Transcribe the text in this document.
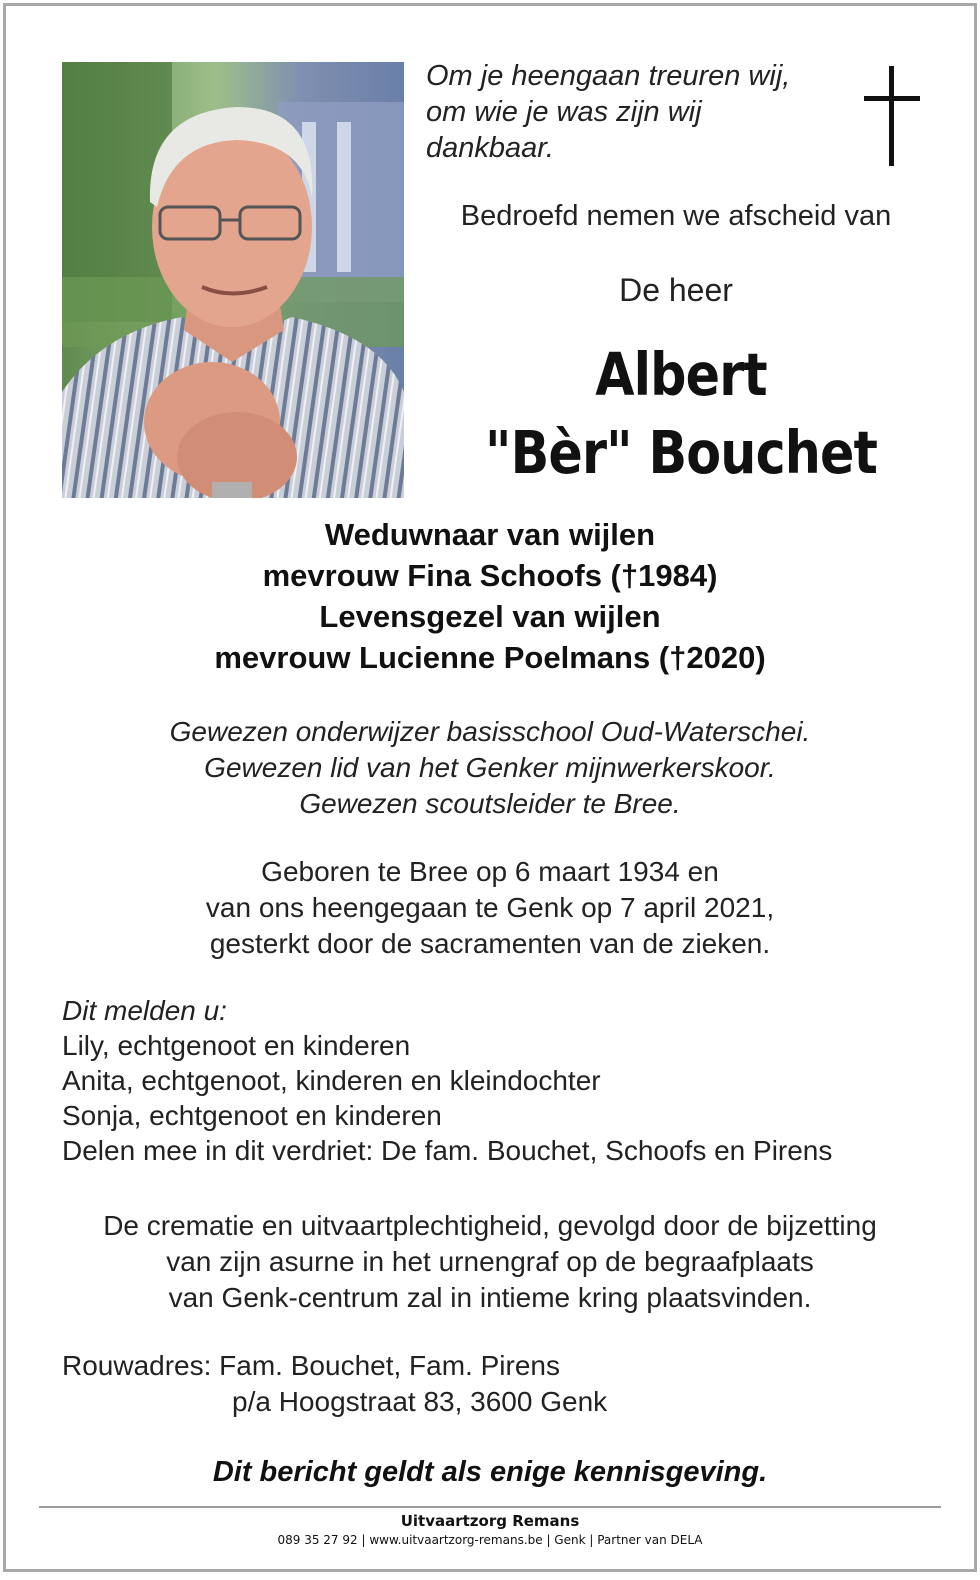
Om je heengaan treuren wij,
om wie je was zijn wij
dankbaar.
Bedroefd nemen we afscheid van
De heer
Albert
"Bèr" Bouchet
Weduwnaar van wijlen
mevrouw Fina Schoofs (†1984)
Levensgezel van wijlen
mevrouw Lucienne Poelmans (†2020)
Gewezen onderwijzer basisschool Oud-Waterschei.
Gewezen lid van het Genker mijnwerkerskoor.
Gewezen scoutsleider te Bree.
Geboren te Bree op 6 maart 1934 en
van ons heengegaan te Genk op 7 april 2021,
gesterkt door de sacramenten van de zieken.
Dit melden u:
Lily, echtgenoot en kinderen
Anita, echtgenoot, kinderen en kleindochter
Sonja, echtgenoot en kinderen
Delen mee in dit verdriet: De fam. Bouchet, Schoofs en Pirens
De crematie en uitvaartplechtigheid, gevolgd door de bijzetting
van zijn asurne in het urnengraf op de begraafplaats
van Genk-centrum zal in intieme kring plaatsvinden.
Rouwadres: Fam. Bouchet, Fam. Pirens
p/a Hoogstraat 83, 3600 Genk
Dit bericht geldt als enige kennisgeving.
Uitvaartzorg Remans
089 35 27 92 | www.uitvaartzorg-remans.be | Genk | Partner van DELA
